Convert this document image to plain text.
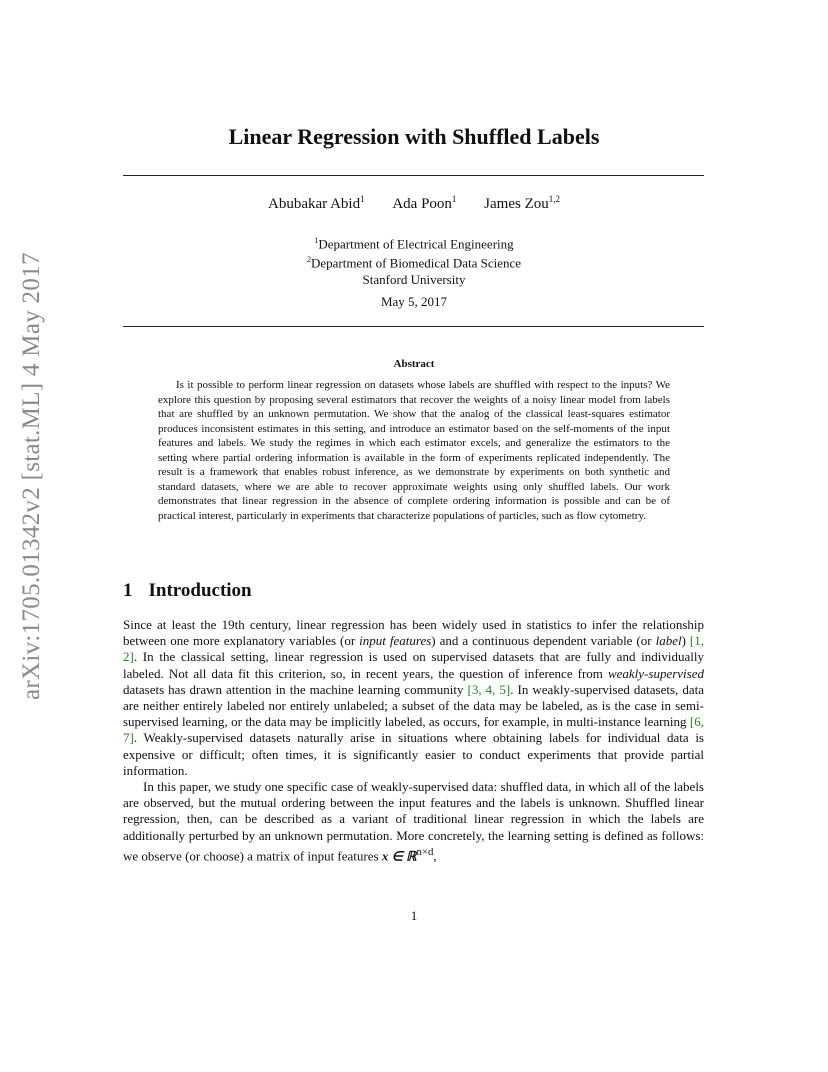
arXiv:1705.01342v2 [stat.ML] 4 May 2017
Linear Regression with Shuffled Labels
Abubakar Abid$^1$ Ada Poon$^1$ James Zou$^{1,2}$
$^1$Department of Electrical Engineering
$^2$Department of Biomedical Data Science
Stanford University
May 5, 2017
Abstract

Is it possible to perform linear regression on datasets whose labels are shuffled with respect to the inputs? We explore this question by proposing several estimators that recover the weights of a noisy linear model from labels that are shuffled by an unknown permutation. We show that the analog of the classical least-squares estimator produces inconsistent estimates in this setting, and introduce an estimator based on the self-moments of the input features and labels. We study the regimes in which each estimator excels, and generalize the estimators to the setting where partial ordering information is available in the form of experiments replicated independently. The result is a framework that enables robust inference, as we demonstrate by experiments on both synthetic and standard datasets, where we are able to recover approximate weights using only shuffled labels. Our work demonstrates that linear regression in the absence of complete ordering information is possible and can be of practical interest, particularly in experiments that characterize populations of particles, such as flow cytometry.

1 Introduction

Since at least the 19th century, linear regression has been widely used in statistics to infer the relationship between one more explanatory variables (or input features) and a continuous dependent variable (or label) [1, 2]. In the classical setting, linear regression is used on supervised datasets that are fully and individually labeled. Not all data fit this criterion, so, in recent years, the question of inference from weakly-supervised datasets has drawn attention in the machine learning community [3, 4, 5]. In weakly-supervised datasets, data are neither entirely labeled nor entirely unlabeled; a subset of the data may be labeled, as is the case in semi-supervised learning, or the data may be implicitly labeled, as occurs, for example, in multi-instance learning [6, 7]. Weakly-supervised datasets naturally arise in situations where obtaining labels for individual data is expensive or difficult; often times, it is significantly easier to conduct experiments that provide partial information.

In this paper, we study one specific case of weakly-supervised data: shuffled data, in which all of the labels are observed, but the mutual ordering between the input features and the labels is unknown. Shuffled linear regression, then, can be described as a variant of traditional linear regression in which the labels are additionally perturbed by an unknown permutation. More concretely, the learning setting is defined as follows: we observe (or choose) a matrix of input features x ∈ ℝ$^{n\times d}$,

1
